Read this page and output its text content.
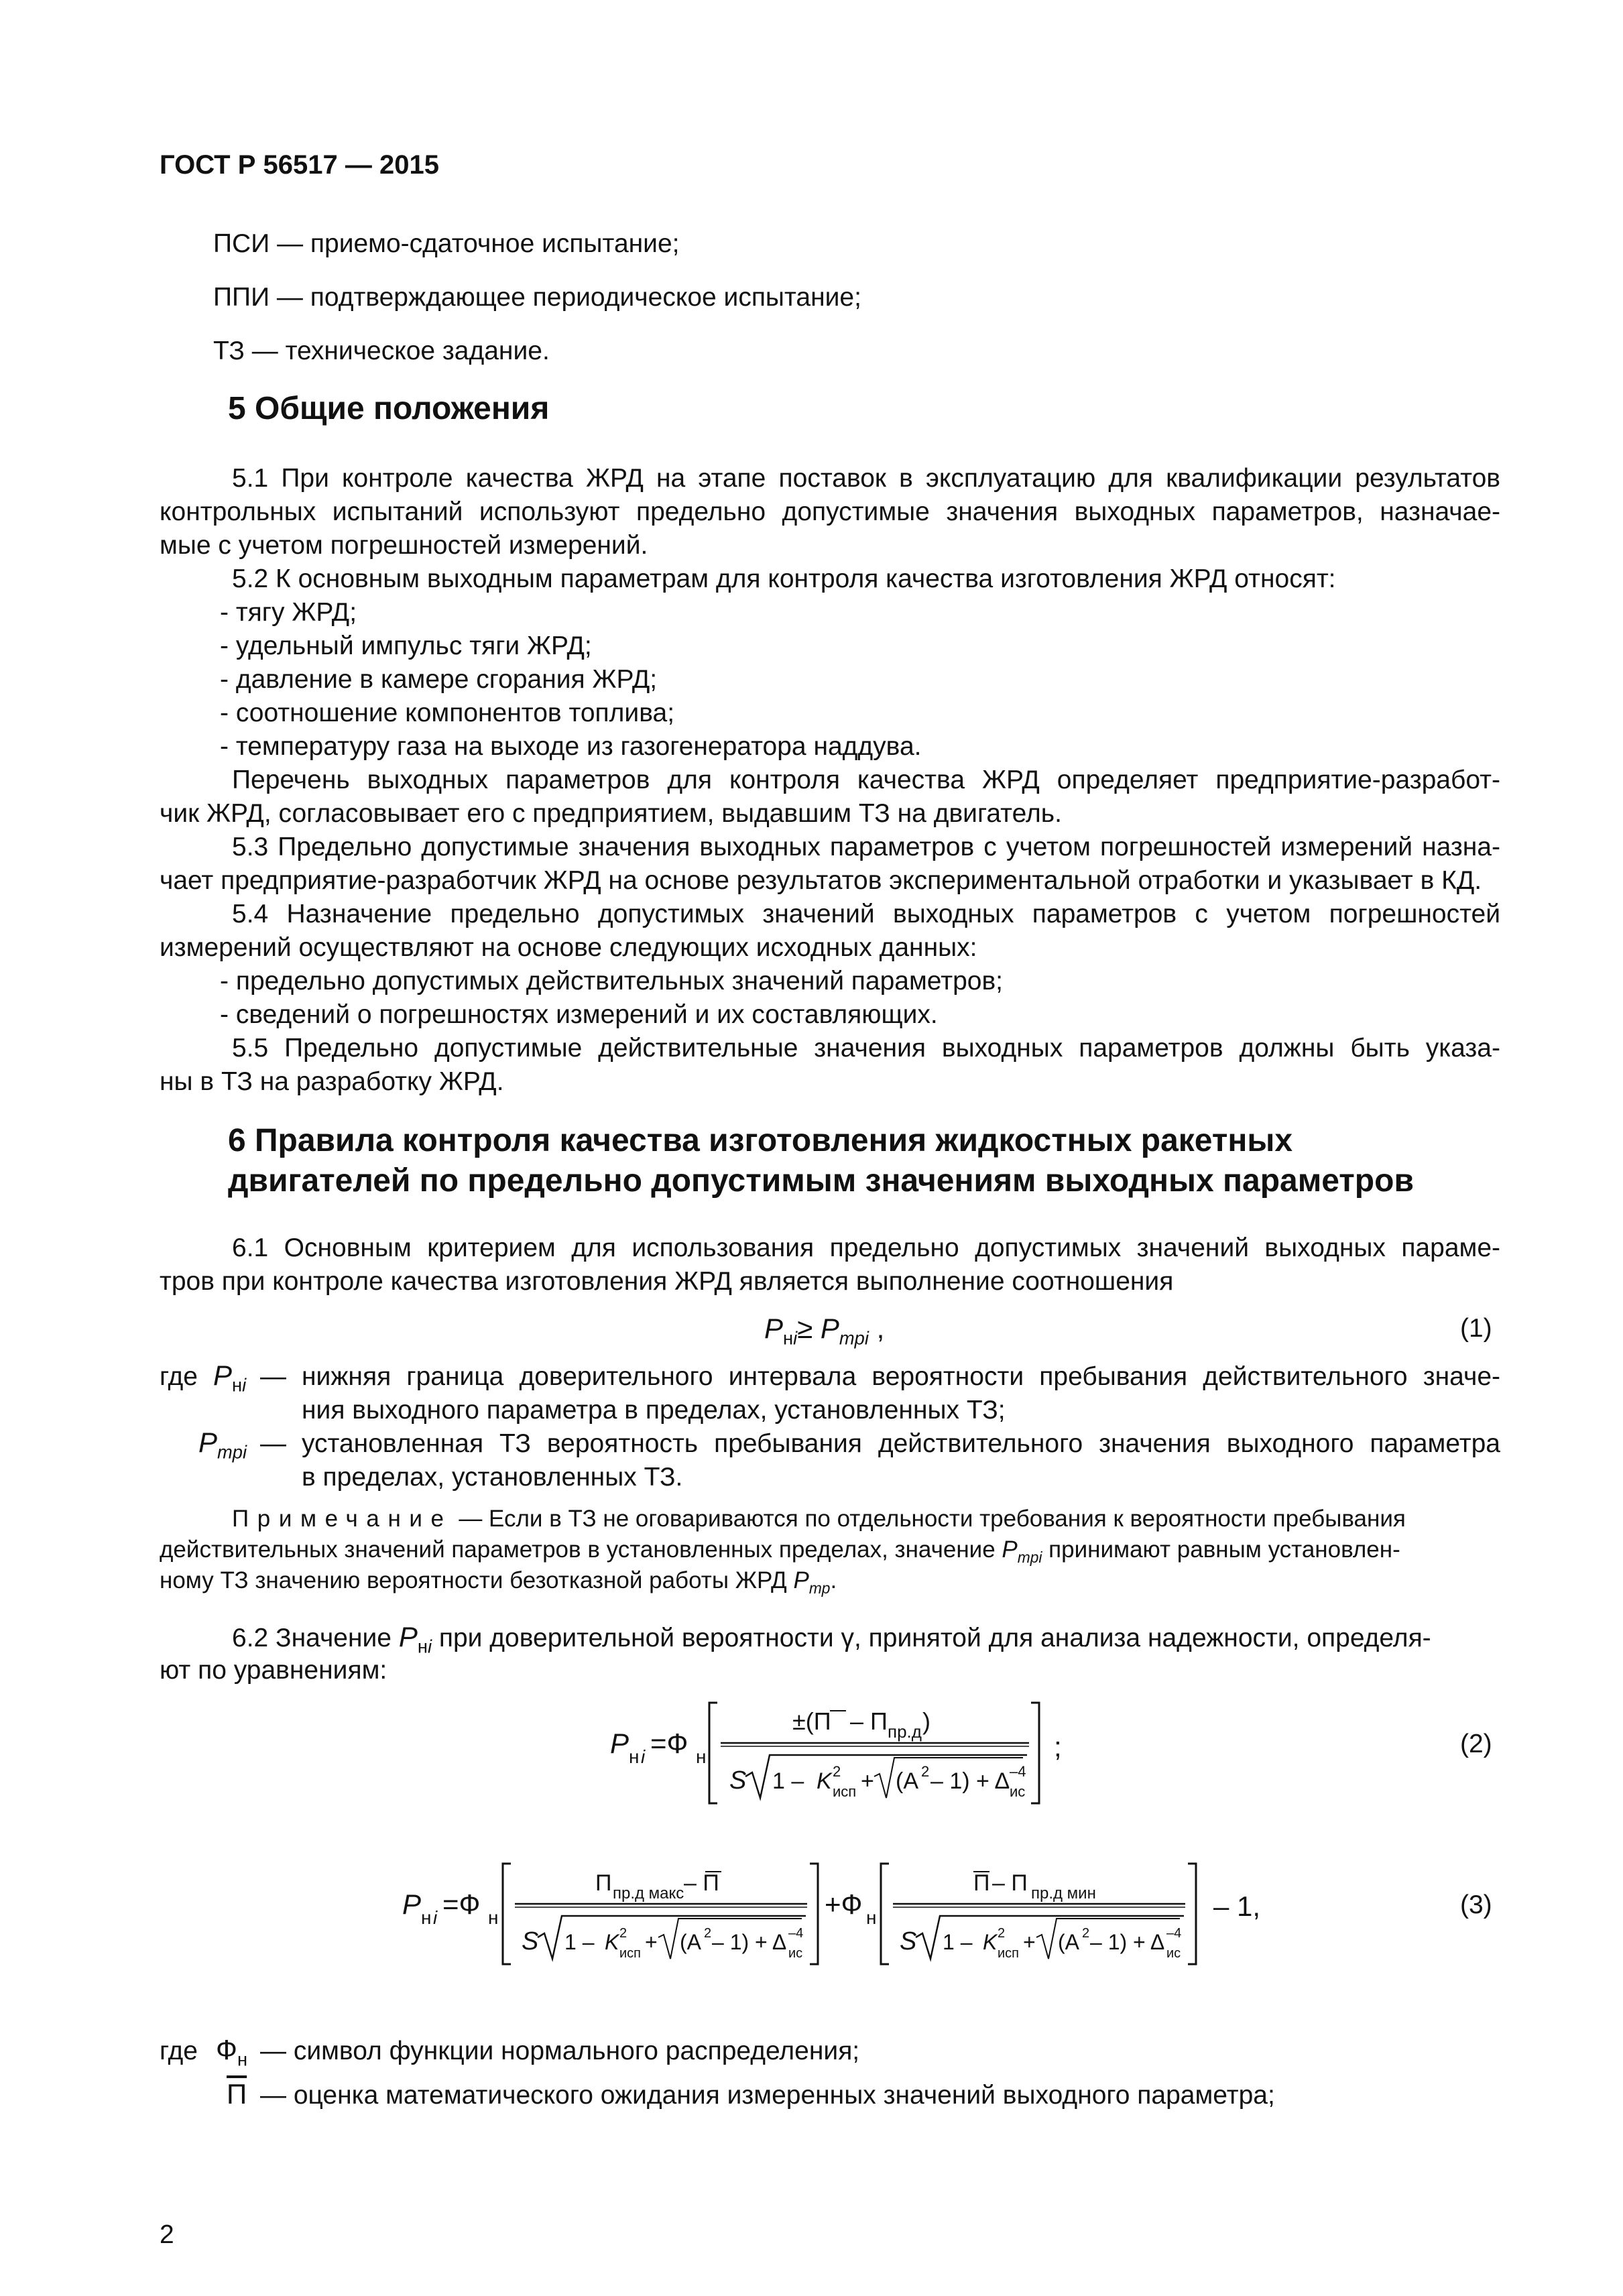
ГОСТ Р 56517 — 2015
ПСИ — приемо-сдаточное испытание;
ППИ — подтверждающее периодическое испытание;
ТЗ — техническое задание.
5 Общие положения
5.1 При контроле качества ЖРД на этапе поставок в эксплуатацию для квалификации результатов
контрольных испытаний используют предельно допустимые значения выходных параметров, назначае-
мые с учетом погрешностей измерений.
5.2 К основным выходным параметрам для контроля качества изготовления ЖРД относят:
- тягу ЖРД;
- удельный импульс тяги ЖРД;
- давление в камере сгорания ЖРД;
- соотношение компонентов топлива;
- температуру газа на выходе из газогенератора наддува.
Перечень выходных параметров для контроля качества ЖРД определяет предприятие-разработ-
чик ЖРД, согласовывает его с предприятием, выдавшим ТЗ на двигатель.
5.3 Предельно допустимые значения выходных параметров с учетом погрешностей измерений назна-
чает предприятие-разработчик ЖРД на основе результатов экспериментальной отработки и указывает в КД.
5.4 Назначение предельно допустимых значений выходных параметров с учетом погрешностей
измерений осуществляют на основе следующих исходных данных:
- предельно допустимых действительных значений параметров;
- сведений о погрешностях измерений и их составляющих.
5.5 Предельно допустимые действительные значения выходных параметров должны быть указа-
ны в ТЗ на разработку ЖРД.
6 Правила контроля качества изготовления жидкостных ракетных
двигателей по предельно допустимым значениям выходных параметров
6.1 Основным критерием для использования предельно допустимых значений выходных параме-
тров при контроле качества изготовления ЖРД является выполнение соотношения
$P_{нi}\ge P_{mpi}$ ,	(1)
где $P_{нi}$ — нижняя граница доверительного интервала вероятности пребывания действительного значе-
ния выходного параметра в пределах, установленных ТЗ;
$P_{mpi}$ — установленная ТЗ вероятность пребывания действительного значения выходного параметра
в пределах, установленных ТЗ.
Примечание — Если в ТЗ не оговариваются по отдельности требования к вероятности пребывания
действительных значений параметров в установленных пределах, значение $P_{mpi}$ принимают равным установлен-
ному ТЗ значению вероятности безотказной работы ЖРД $P_{mp}$.
6.2 Значение $P_{нi}$ при доверительной вероятности γ, принятой для анализа надежности, определя-
ют по уравнениям:
P н i =Ф н
±(П – П пр.д )
S 1 – K 2
исп + (A 2 – 1) + Δ –4
ис
;	(2)
P н i =Ф н
П пр.д макс – П
S 1 – K 2
исп + (A 2 – 1) + Δ –4
ис
+Ф н
П – П пр.д мин
S 1 – K 2
исп + (A 2 – 1) + Δ –4
ис
– 1,	(3)
где $Ф_н$ — символ функции нормального распределения;
П — оценка математического ожидания измеренных значений выходного параметра;
2
